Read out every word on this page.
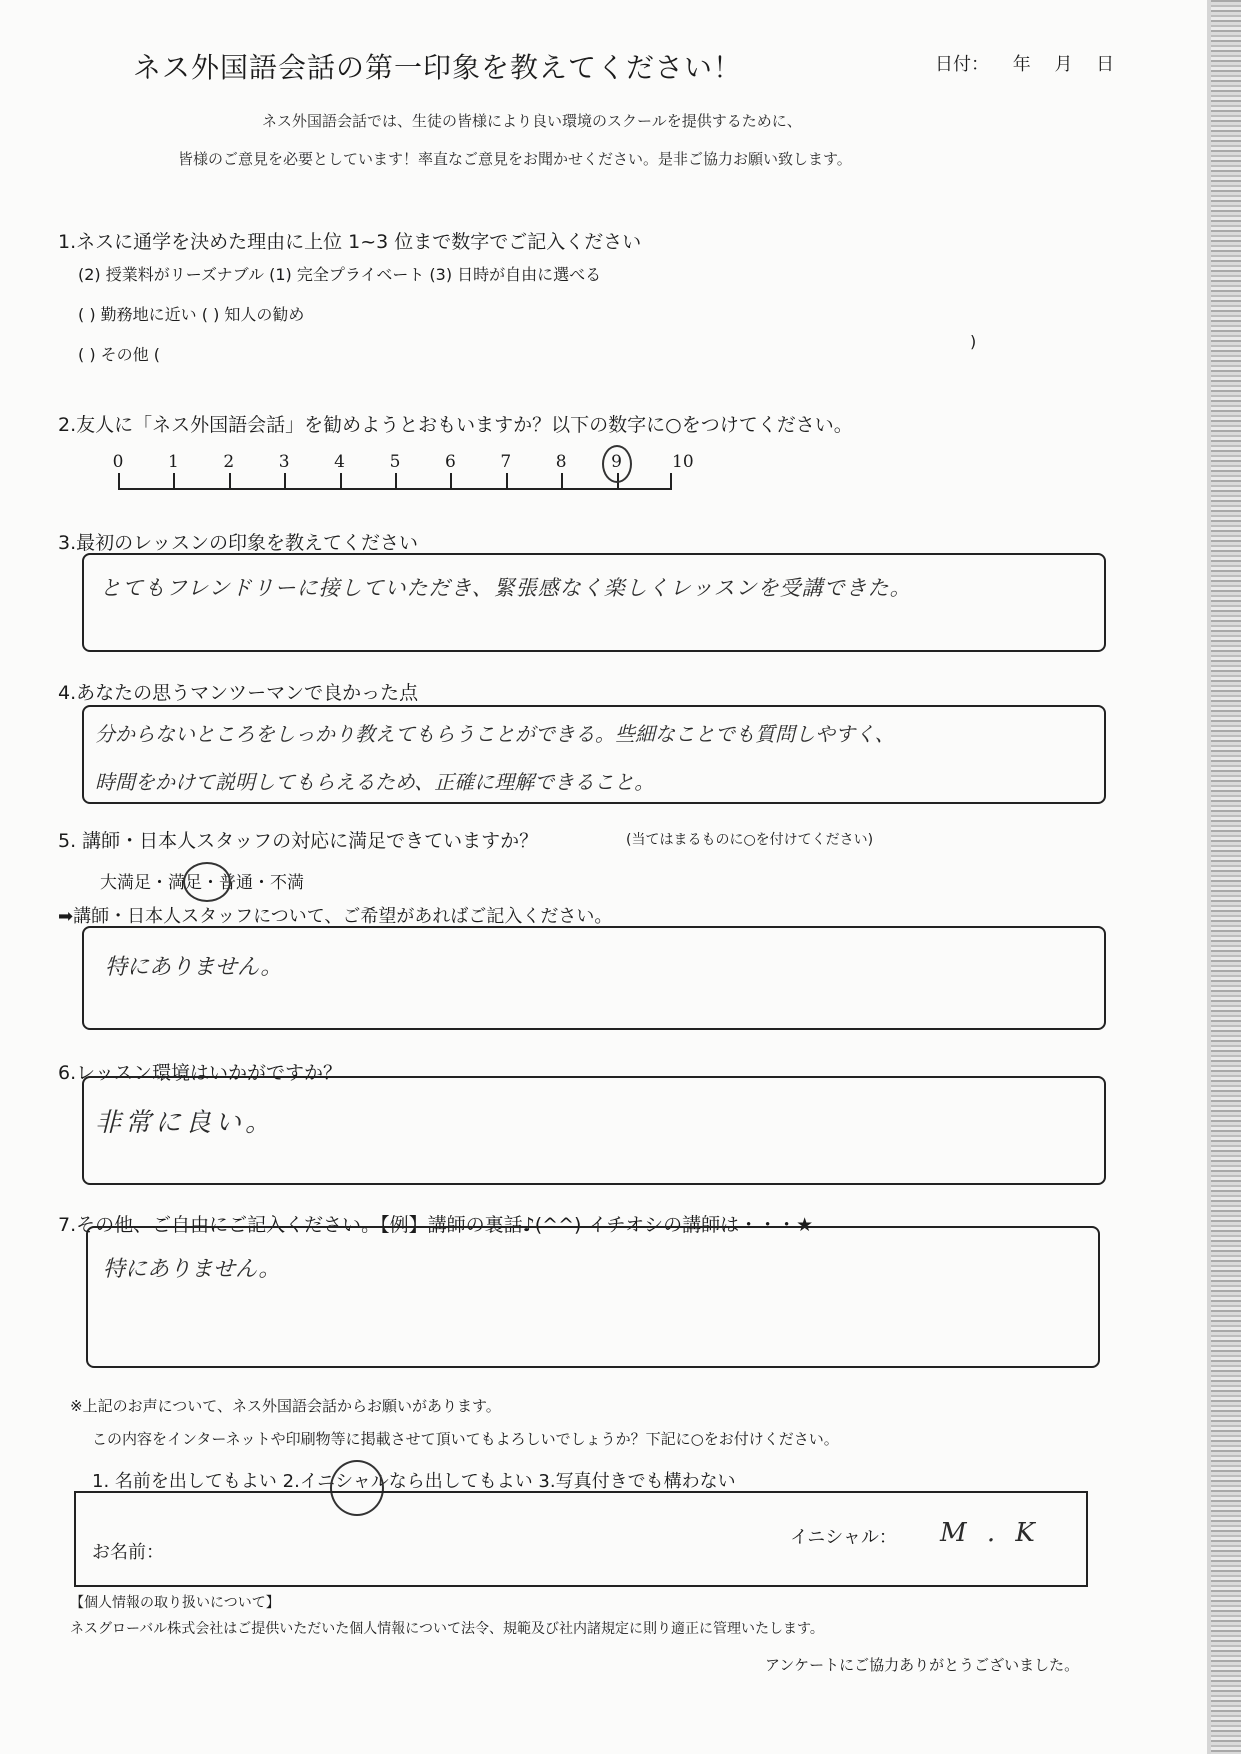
ネス外国語会話の第一印象を教えてください！	日付： 年 月 日
ネス外国語会話では、生徒の皆様により良い環境のスクールを提供するために、
皆様のご意見を必要としています！率直なご意見をお聞かせください。是非ご協力お願い致します。
1.ネスに通学を決めた理由に上位 1~3 位まで数字でご記入ください
(2) 授業料がリーズナブル (1) 完全プライベート (3) 日時が自由に選べる
( ) 勤務地に近い ( ) 知人の勧め
( ) その他 (
)
2.友人に「ネス外国語会話」を勧めようとおもいますか？以下の数字に○をつけてください。
0	1	2	3	4	5	6	7	8	9	10
3.最初のレッスンの印象を教えてください
とてもフレンドリーに接していただき、緊張感なく楽しくレッスンを受講できた。
4.あなたの思うマンツーマンで良かった点
分からないところをしっかり教えてもらうことができる。些細なことでも質問しやすく、
時間をかけて説明してもらえるため、正確に理解できること。
5. 講師・日本人スタッフの対応に満足できていますか？	(当てはまるものに○を付けてください)
大満足・満足・普通・不満
➡講師・日本人スタッフについて、ご希望があればご記入ください。
特にありません。
6.レッスン環境はいかがですか？
非常に良い。
7.その他、ご自由にご記入ください。【例】講師の裏話♪(^^) イチオシの講師は・・・★
特にありません。
※上記のお声について、ネス外国語会話からお願いがあります。
この内容をインターネットや印刷物等に掲載させて頂いてもよろしいでしょうか？下記に○をお付けください。
1. 名前を出してもよい 2.イニシャルなら出してもよい 3.写真付きでも構わない
お名前：
イニシャル： M . K
【個人情報の取り扱いについて】
ネスグローバル株式会社はご提供いただいた個人情報について法令、規範及び社内諸規定に則り適正に管理いたします。
アンケートにご協力ありがとうございました。
